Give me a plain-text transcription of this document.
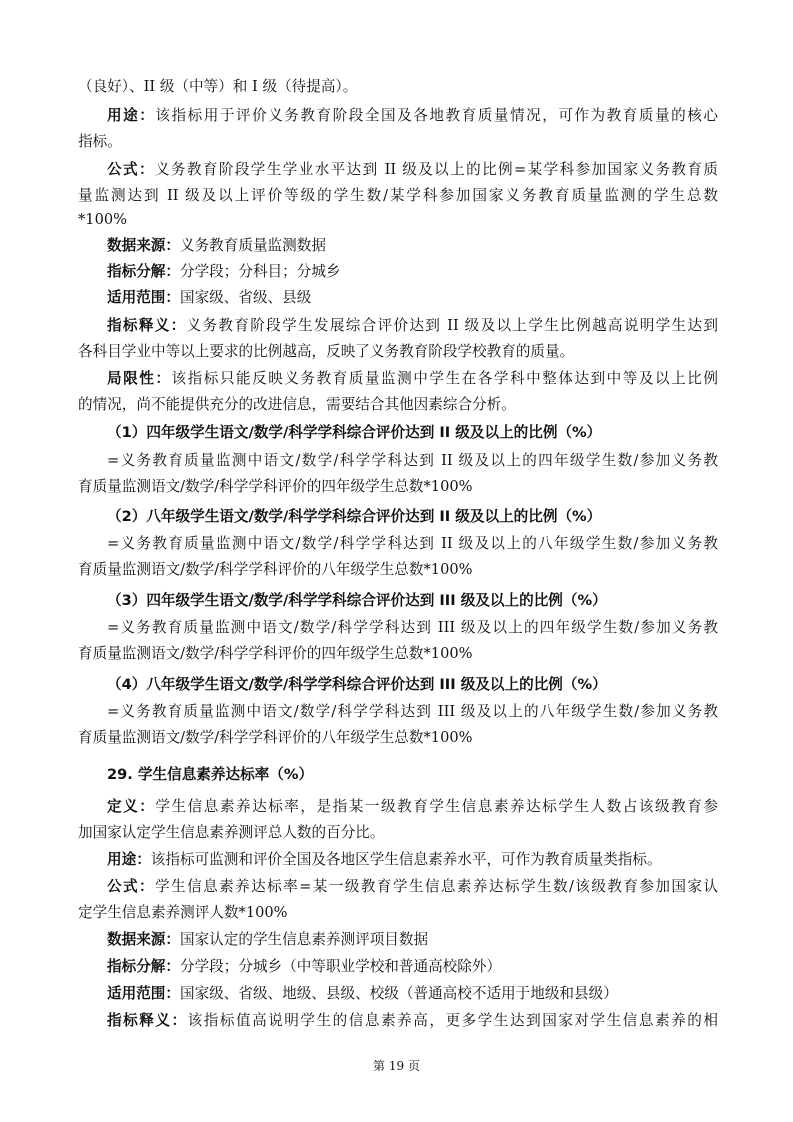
（良好）、II 级（中等）和 I 级（待提高）。
用途：该指标用于评价义务教育阶段全国及各地教育质量情况，可作为教育质量的核心
指标。
公式：义务教育阶段学生学业水平达到 II 级及以上的比例=某学科参加国家义务教育质
量监测达到 II 级及以上评价等级的学生数/某学科参加国家义务教育质量监测的学生总数
*100%
数据来源：义务教育质量监测数据
指标分解：分学段；分科目；分城乡
适用范围：国家级、省级、县级
指标释义：义务教育阶段学生发展综合评价达到 II 级及以上学生比例越高说明学生达到
各科目学业中等以上要求的比例越高，反映了义务教育阶段学校教育的质量。
局限性：该指标只能反映义务教育质量监测中学生在各学科中整体达到中等及以上比例
的情况，尚不能提供充分的改进信息，需要结合其他因素综合分析。
（1）四年级学生语文/数学/科学学科综合评价达到 II 级及以上的比例（%）
=义务教育质量监测中语文/数学/科学学科达到 II 级及以上的四年级学生数/参加义务教
育质量监测语文/数学/科学学科评价的四年级学生总数*100%
（2）八年级学生语文/数学/科学学科综合评价达到 II 级及以上的比例（%）
=义务教育质量监测中语文/数学/科学学科达到 II 级及以上的八年级学生数/参加义务教
育质量监测语文/数学/科学学科评价的八年级学生总数*100%
（3）四年级学生语文/数学/科学学科综合评价达到 III 级及以上的比例（%）
=义务教育质量监测中语文/数学/科学学科达到 III 级及以上的四年级学生数/参加义务教
育质量监测语文/数学/科学学科评价的四年级学生总数*100%
（4）八年级学生语文/数学/科学学科综合评价达到 III 级及以上的比例（%）
=义务教育质量监测中语文/数学/科学学科达到 III 级及以上的八年级学生数/参加义务教
育质量监测语文/数学/科学学科评价的八年级学生总数*100%
29. 学生信息素养达标率（%）
定义：学生信息素养达标率，是指某一级教育学生信息素养达标学生人数占该级教育参
加国家认定学生信息素养测评总人数的百分比。
用途：该指标可监测和评价全国及各地区学生信息素养水平，可作为教育质量类指标。
公式：学生信息素养达标率=某一级教育学生信息素养达标学生数/该级教育参加国家认
定学生信息素养测评人数*100%
数据来源：国家认定的学生信息素养测评项目数据
指标分解：分学段；分城乡（中等职业学校和普通高校除外）
适用范围：国家级、省级、地级、县级、校级（普通高校不适用于地级和县级）
指标释义：该指标值高说明学生的信息素养高，更多学生达到国家对学生信息素养的相
第 19 页
